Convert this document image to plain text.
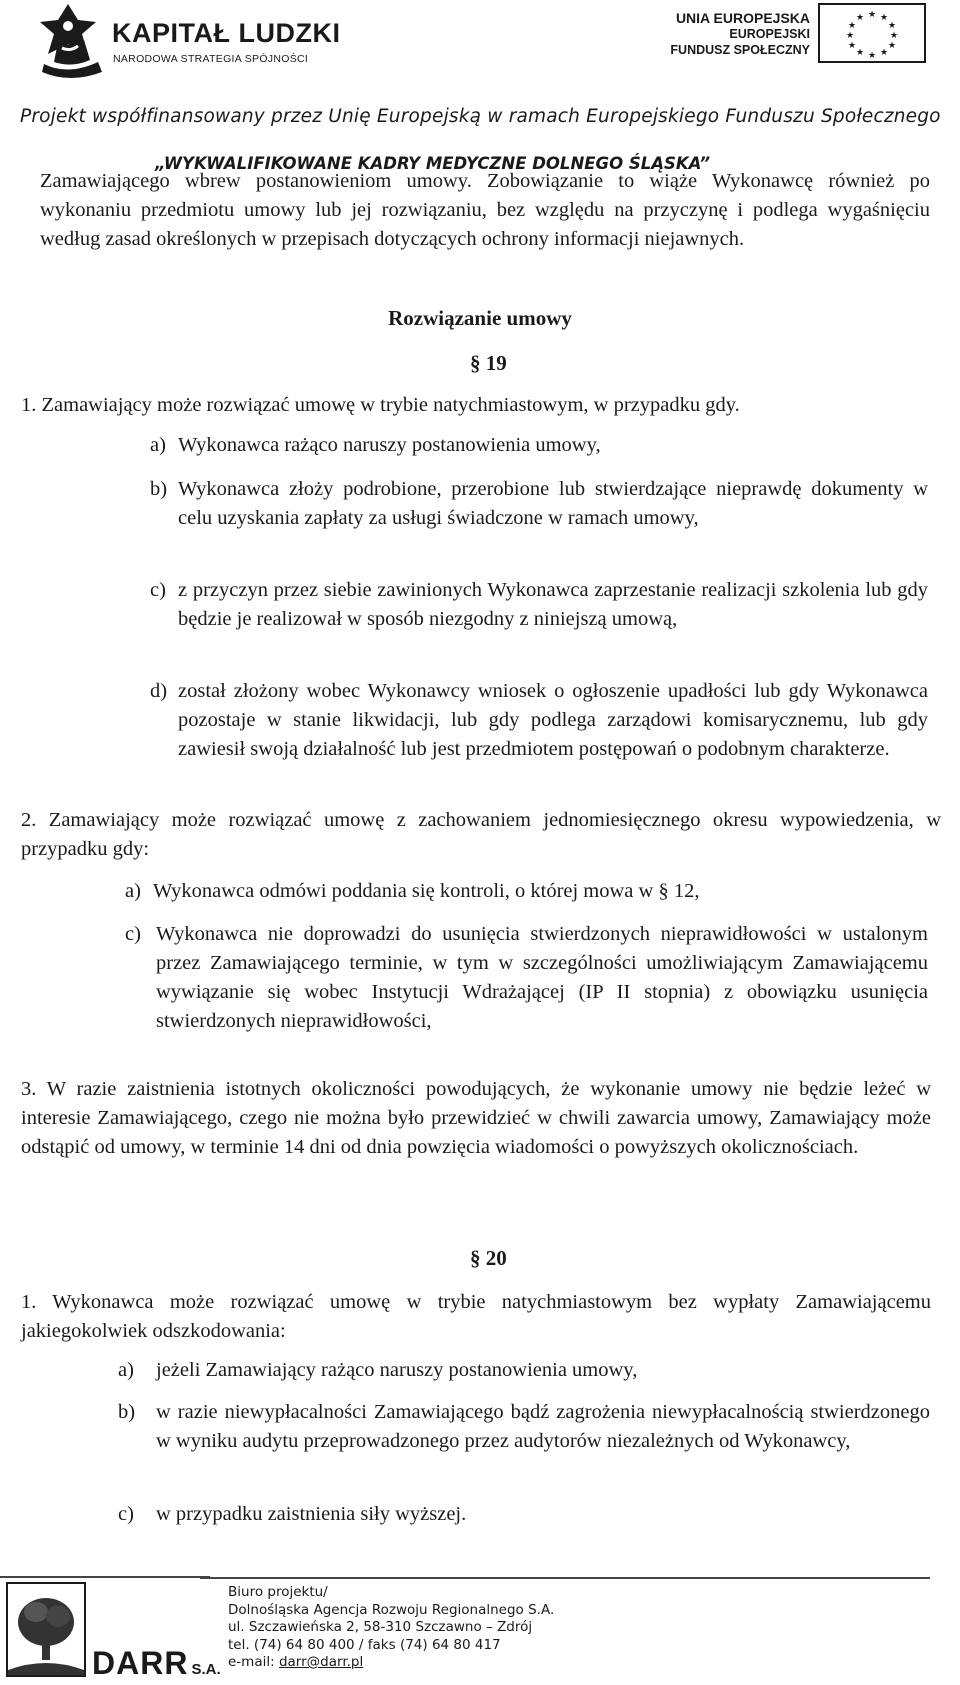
KAPITAŁ LUDZKI
NARODOWA STRATEGIA SPÓJNOŚCI
UNIA EUROPEJSKA
EUROPEJSKI
FUNDUSZ SPOŁECZNY
★ ★
★
★
★
★
★
★
★
★
★
★
Projekt współfinansowany przez Unię Europejską w ramach Europejskiego Funduszu Społecznego
„WYKWALIFIKOWANE KADRY MEDYCZNE DOLNEGO ŚLĄSKA”
Zamawiającego wbrew postanowieniom umowy. Zobowiązanie to wiąże Wykonawcę również po wykonaniu przedmiotu umowy lub jej rozwiązaniu, bez względu na przyczynę i podlega wygaśnięciu według zasad określonych w przepisach dotyczących ochrony informacji niejawnych.
Rozwiązanie umowy
§ 19
1. Zamawiający może rozwiązać umowę w trybie natychmiastowym, w przypadku gdy.
a) Wykonawca rażąco naruszy postanowienia umowy,
b) Wykonawca złoży podrobione, przerobione lub stwierdzające nieprawdę dokumenty w celu uzyskania zapłaty za usługi świadczone w ramach umowy,
c) z przyczyn przez siebie zawinionych Wykonawca zaprzestanie realizacji szkolenia lub gdy będzie je realizował w sposób niezgodny z niniejszą umową,
d) został złożony wobec Wykonawcy wniosek o ogłoszenie upadłości lub gdy Wykonawca pozostaje w stanie likwidacji, lub gdy podlega zarządowi komisarycznemu, lub gdy zawiesił swoją działalność lub jest przedmiotem postępowań o podobnym charakterze.
2. Zamawiający może rozwiązać umowę z zachowaniem jednomiesięcznego okresu wypowiedzenia, w przypadku gdy:
a) Wykonawca odmówi poddania się kontroli, o której mowa w § 12,
c) Wykonawca nie doprowadzi do usunięcia stwierdzonych nieprawidłowości w ustalonym przez Zamawiającego terminie, w tym w szczególności umożliwiającym Zamawiającemu wywiązanie się wobec Instytucji Wdrażającej (IP II stopnia) z obowiązku usunięcia stwierdzonych nieprawidłowości,
3. W razie zaistnienia istotnych okoliczności powodujących, że wykonanie umowy nie będzie leżeć w interesie Zamawiającego, czego nie można było przewidzieć w chwili zawarcia umowy, Zamawiający może odstąpić od umowy, w terminie 14 dni od dnia powzięcia wiadomości o powyższych okolicznościach.
§ 20
1. Wykonawca może rozwiązać umowę w trybie natychmiastowym bez wypłaty Zamawiającemu jakiegokolwiek odszkodowania:
a) jeżeli Zamawiający rażąco naruszy postanowienia umowy,
b) w razie niewypłacalności Zamawiającego bądź zagrożenia niewypłacalnością stwierdzonego w wyniku audytu przeprowadzonego przez audytorów niezależnych od Wykonawcy,
c) w przypadku zaistnienia siły wyższej.
DARR S.A.
Biuro projektu/
Dolnośląska Agencja Rozwoju Regionalnego S.A.
ul. Szczawieńska 2, 58-310 Szczawno – Zdrój
tel. (74) 64 80 400 / faks (74) 64 80 417
e-mail: darr@darr.pl
